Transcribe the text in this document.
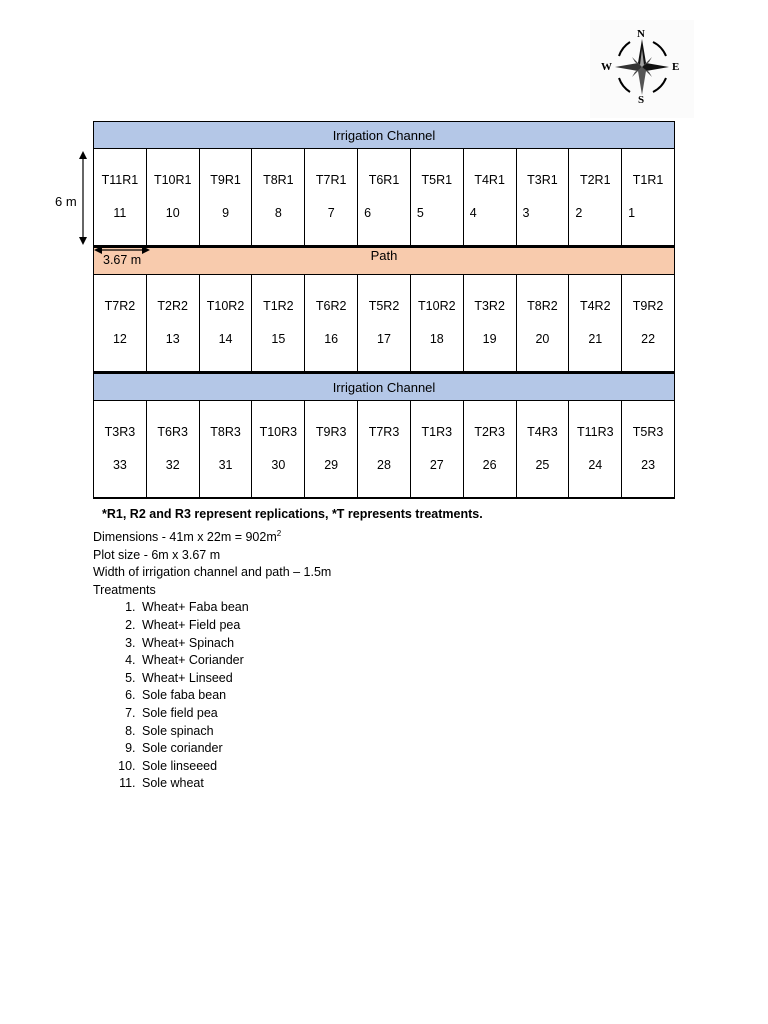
N
S
E
W
6 m
Irrigation Channel
T11R1
11
T10R1
10
T9R1
9
T8R1
8
T7R1
7
T6R1
6
T5R1
5
T4R1
4
T3R1
3
T2R1
2
T1R1
1
Path
T7R2
12
T2R2
13
T10R2
14
T1R2
15
T6R2
16
T5R2
17
T10R2
18
T3R2
19
T8R2
20
T4R2
21
T9R2
22
Irrigation Channel
T3R3
33
T6R3
32
T8R3
31
T10R3
30
T9R3
29
T7R3
28
T1R3
27
T2R3
26
T4R3
25
T11R3
24
T5R3
23
3.67 m
*R1, R2 and R3 represent replications, *T represents treatments.

Dimensions - 41m x $22m = 902m^2$

Plot size - 6m x 3.67 m

Width of irrigation channel and path – 1.5m

Treatments

1. Wheat+ Faba bean
2. Wheat+ Field pea
3. Wheat+ Spinach
4. Wheat+ Coriander
5. Wheat+ Linseed
6. Sole faba bean
7. Sole field pea
8. Sole spinach
9. Sole coriander
10. Sole linseeed
11. Sole wheat
